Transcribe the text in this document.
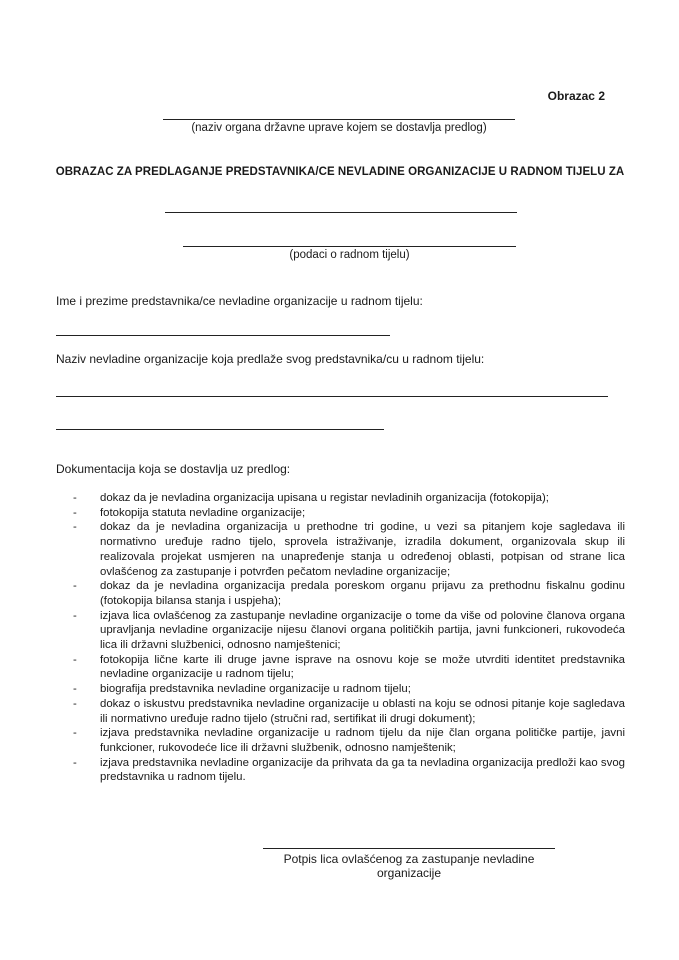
Obrazac 2
(naziv organa državne uprave kojem se dostavlja predlog)
OBRAZAC ZA PREDLAGANJE PREDSTAVNIKA/CE NEVLADINE ORGANIZACIJE U RADNOM TIJELU ZA
(podaci o radnom tijelu)
Ime i prezime predstavnika/ce nevladine organizacije u radnom tijelu:
Naziv nevladine organizacije koja predlaže svog predstavnika/cu u radnom tijelu:
Dokumentacija koja se dostavlja uz predlog:
- dokaz da je nevladina organizacija upisana u registar nevladinih organizacija (fotokopija);
- fotokopija statuta nevladine organizacije;
- dokaz da je nevladina organizacija u prethodne tri godine, u vezi sa pitanjem koje sagledava ili normativno uređuje radno tijelo, sprovela istraživanje, izradila dokument, organizovala skup ili realizovala projekat usmjeren na unapređenje stanja u određenoj oblasti, potpisan od strane lica ovlašćenog za zastupanje i potvrđen pečatom nevladine organizacije;
- dokaz da je nevladina organizacija predala poreskom organu prijavu za prethodnu fiskalnu godinu (fotokopija bilansa stanja i uspjeha);
- izjava lica ovlašćenog za zastupanje nevladine organizacije o tome da više od polovine članova organa upravljanja nevladine organizacije nijesu članovi organa političkih partija, javni funkcioneri, rukovodeća lica ili državni službenici, odnosno namještenici;
- fotokopija lične karte ili druge javne isprave na osnovu koje se može utvrditi identitet predstavnika nevladine organizacije u radnom tijelu;
- biografija predstavnika nevladine organizacije u radnom tijelu;
- dokaz o iskustvu predstavnika nevladine organizacije u oblasti na koju se odnosi pitanje koje sagledava ili normativno uređuje radno tijelo (stručni rad, sertifikat ili drugi dokument);
- izjava predstavnika nevladine organizacije u radnom tijelu da nije član organa političke partije, javni funkcioner, rukovodeće lice ili državni službenik, odnosno namještenik;
- izjava predstavnika nevladine organizacije da prihvata da ga ta nevladina organizacija predloži kao svog predstavnika u radnom tijelu.
Potpis lica ovlašćenog za zastupanje nevladine organizacije
